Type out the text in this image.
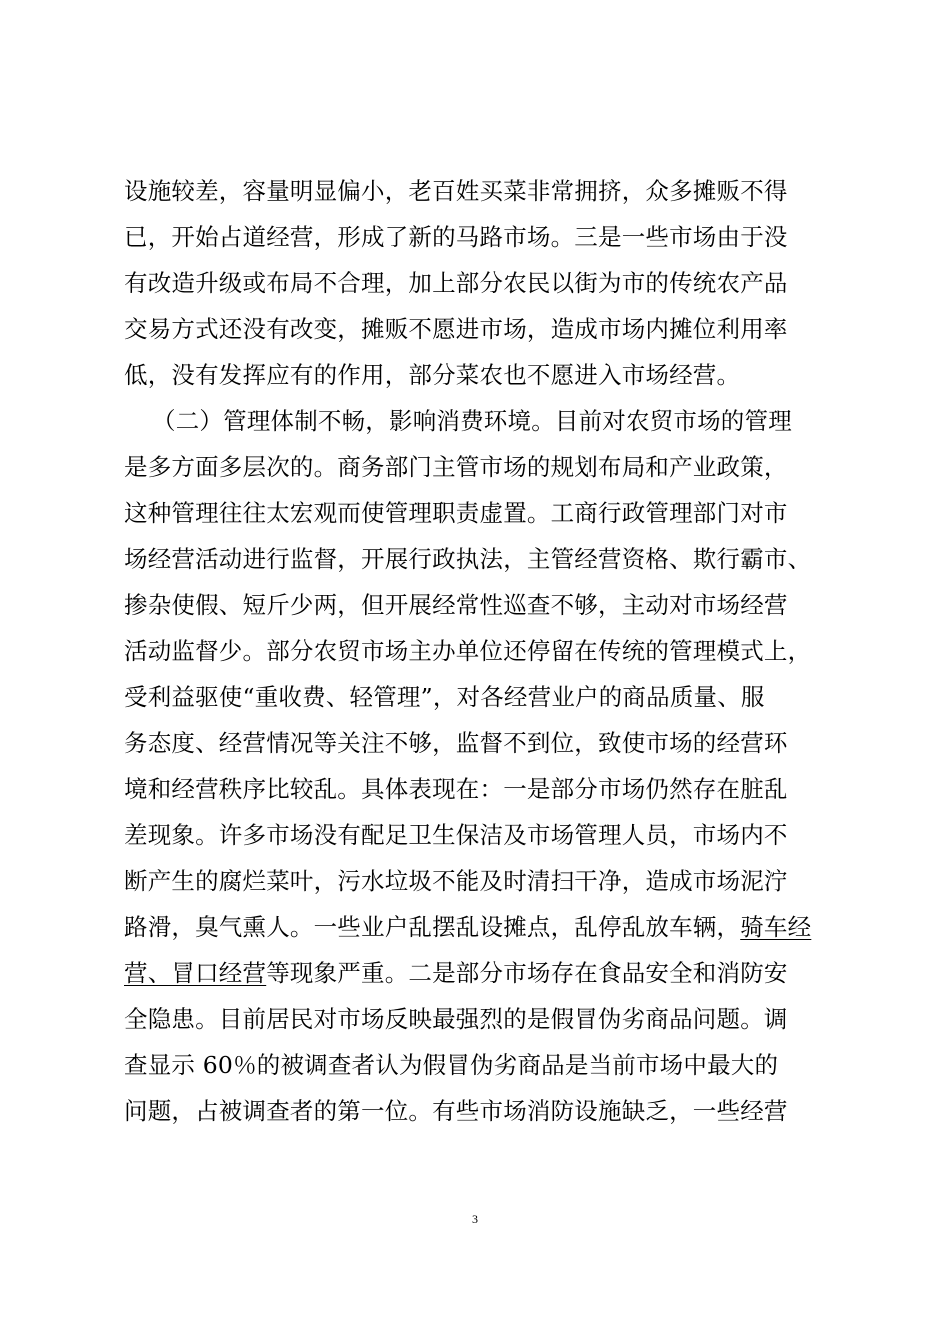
设施较差，容量明显偏小，老百姓买菜非常拥挤，众多摊贩不得
已，开始占道经营，形成了新的马路市场。三是一些市场由于没
有改造升级或布局不合理，加上部分农民以街为市的传统农产品
交易方式还没有改变，摊贩不愿进市场，造成市场内摊位利用率
低，没有发挥应有的作用，部分菜农也不愿进入市场经营。
（二）管理体制不畅，影响消费环境。目前对农贸市场的管理
是多方面多层次的。商务部门主管市场的规划布局和产业政策，
这种管理往往太宏观而使管理职责虚置。工商行政管理部门对市
场经营活动进行监督，开展行政执法，主管经营资格、欺行霸市、
掺杂使假、短斤少两，但开展经常性巡查不够，主动对市场经营
活动监督少。部分农贸市场主办单位还停留在传统的管理模式上，
受利益驱使“重收费、轻管理”，对各经营业户的商品质量、服
务态度、经营情况等关注不够，监督不到位，致使市场的经营环
境和经营秩序比较乱。具体表现在：一是部分市场仍然存在脏乱
差现象。许多市场没有配足卫生保洁及市场管理人员，市场内不
断产生的腐烂菜叶，污水垃圾不能及时清扫干净，造成市场泥泞
路滑，臭气熏人。一些业户乱摆乱设摊点，乱停乱放车辆，骑车经
营、冒口经营等现象严重。二是部分市场存在食品安全和消防安
全隐患。目前居民对市场反映最强烈的是假冒伪劣商品问题。调
查显示 60％的被调查者认为假冒伪劣商品是当前市场中最大的
问题，占被调查者的第一位。有些市场消防设施缺乏，一些经营
3
